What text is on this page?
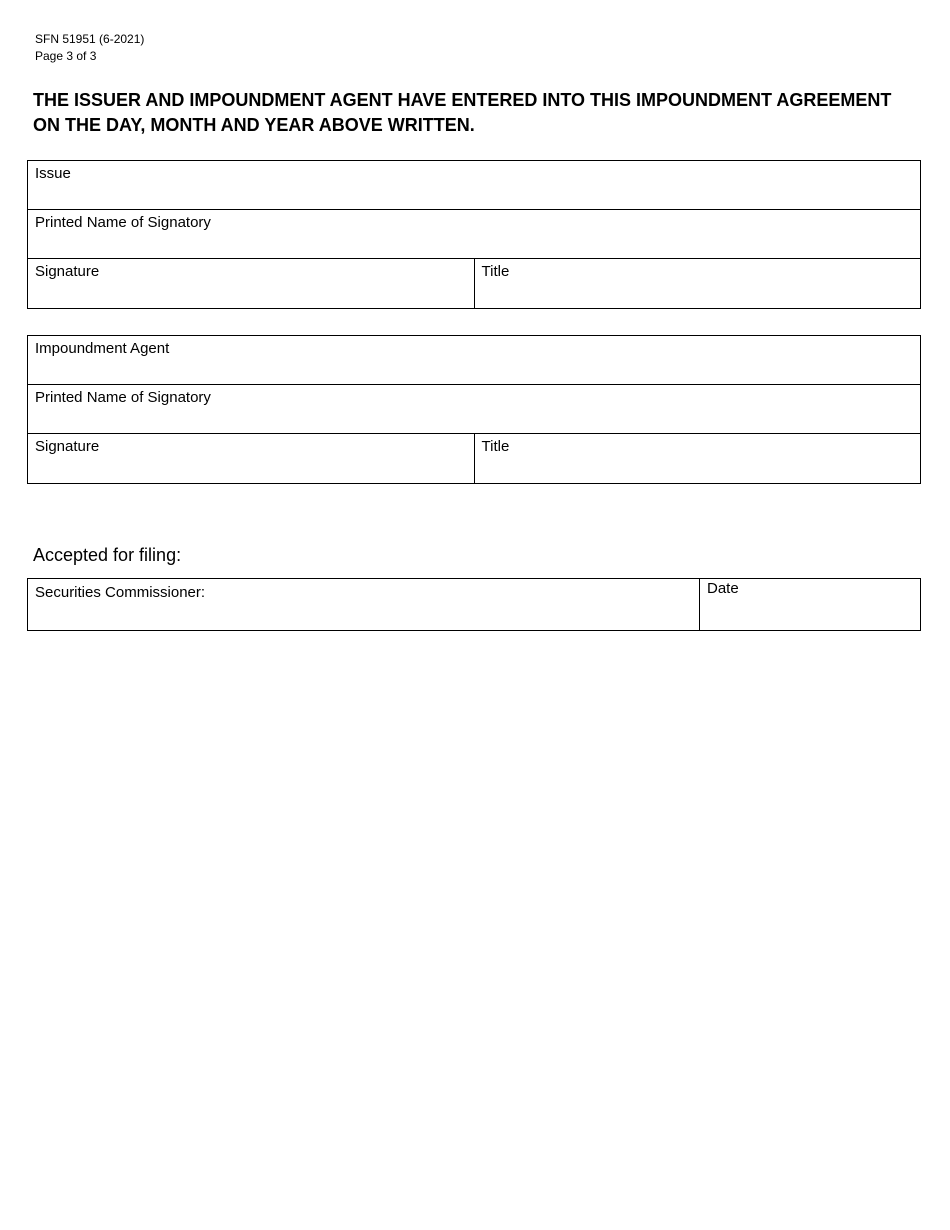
SFN 51951 (6-2021)
Page 3 of 3
THE ISSUER AND IMPOUNDMENT AGENT HAVE ENTERED INTO THIS IMPOUNDMENT AGREEMENT ON THE DAY, MONTH AND YEAR ABOVE WRITTEN.
Issue
Printed Name of Signatory
Signature	Title
Impoundment Agent
Printed Name of Signatory
Signature	Title
Accepted for filing:
Securities Commissioner:	Date
